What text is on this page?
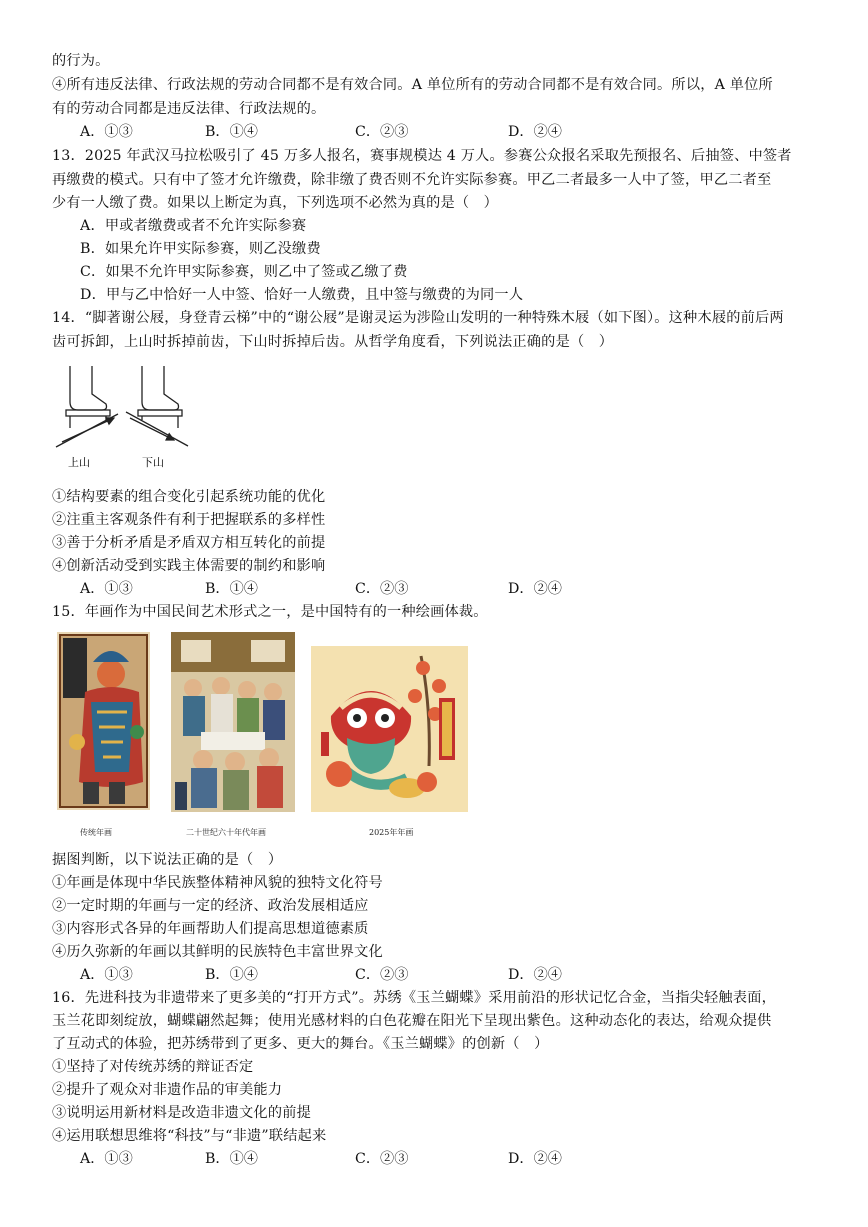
的行为。
④所有违反法律、行政法规的劳动合同都不是有效合同。A 单位所有的劳动合同都不是有效合同。所以，A 单位所
有的劳动合同都是违反法律、行政法规的。
A．①③	B．①④	C．②③	D．②④
13．2025 年武汉马拉松吸引了 45 万多人报名，赛事规模达 4 万人。参赛公众报名采取先预报名、后抽签、中签者
再缴费的模式。只有中了签才允许缴费，除非缴了费否则不允许实际参赛。甲乙二者最多一人中了签，甲乙二者至
少有一人缴了费。如果以上断定为真，下列选项不必然为真的是（　）
A．甲或者缴费或者不允许实际参赛
B．如果允许甲实际参赛，则乙没缴费
C．如果不允许甲实际参赛，则乙中了签或乙缴了费
D．甲与乙中恰好一人中签、恰好一人缴费，且中签与缴费的为同一人
14．“脚著谢公屐，身登青云梯”中的“谢公屐”是谢灵运为涉险山发明的一种特殊木屐（如下图）。这种木屐的前后两
齿可拆卸，上山时拆掉前齿，下山时拆掉后齿。从哲学角度看，下列说法正确的是（　）
上山	下山
①结构要素的组合变化引起系统功能的优化
②注重主客观条件有利于把握联系的多样性
③善于分析矛盾是矛盾双方相互转化的前提
④创新活动受到实践主体需要的制约和影响
A．①③	B．①④	C．②③	D．②④
15．年画作为中国民间艺术形式之一，是中国特有的一种绘画体裁。
传统年画	二十世纪六十年代年画	2025年年画
据图判断，以下说法正确的是（　）
①年画是体现中华民族整体精神风貌的独特文化符号
②一定时期的年画与一定的经济、政治发展相适应
③内容形式各异的年画帮助人们提高思想道德素质
④历久弥新的年画以其鲜明的民族特色丰富世界文化
A．①③	B．①④	C．②③	D．②④
16．先进科技为非遗带来了更多美的“打开方式”。苏绣《玉兰蝴蝶》采用前沿的形状记忆合金，当指尖轻触表面，
玉兰花即刻绽放，蝴蝶翩然起舞；使用光感材料的白色花瓣在阳光下呈现出紫色。这种动态化的表达，给观众提供
了互动式的体验，把苏绣带到了更多、更大的舞台。《玉兰蝴蝶》的创新（　）
①坚持了对传统苏绣的辩证否定
②提升了观众对非遗作品的审美能力
③说明运用新材料是改造非遗文化的前提
④运用联想思维将“科技”与“非遗”联结起来
A．①③	B．①④	C．②③	D．②④
